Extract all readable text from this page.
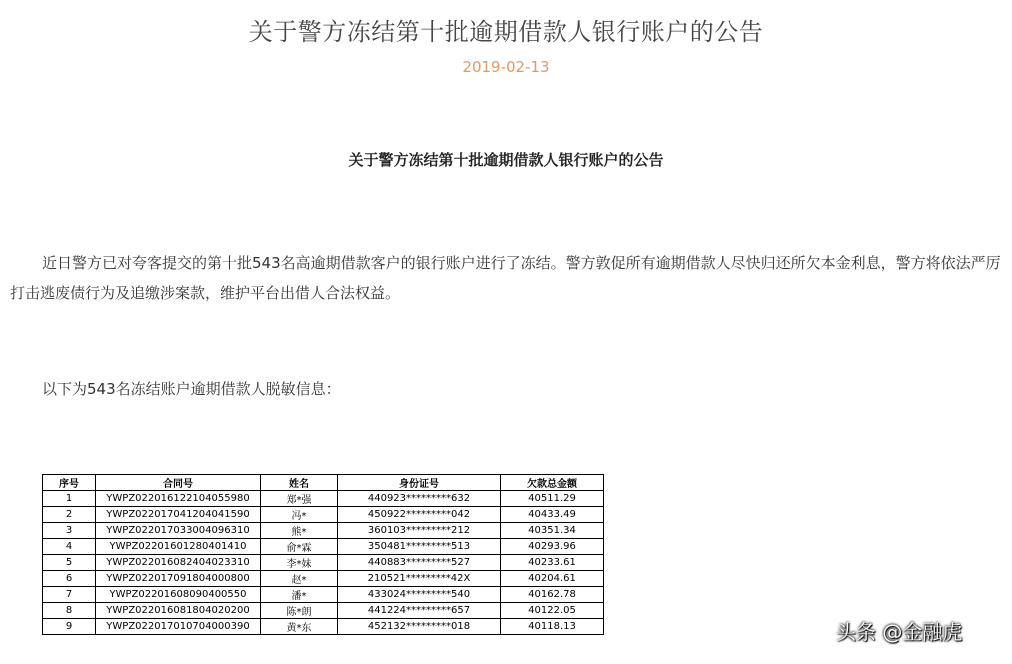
关于警方冻结第十批逾期借款人银行账户的公告
2019-02-13
关于警方冻结第十批逾期借款人银行账户的公告
近日警方已对夸客提交的第十批543名高逾期借款客户的银行账户进行了冻结。警方敦促所有逾期借款人尽快归还所欠本金利息，警方将依法严厉打击逃废债行为及追缴涉案款，维护平台出借人合法权益。
以下为543名冻结账户逾期借款人脱敏信息：
序号	合同号	姓名	身份证号	欠款总金额
1	YWPZ022016122104055980	郑*强	440923*********632	40511.29
2	YWPZ022017041204041590	冯*	450922*********042	40433.49
3	YWPZ022017033004096310	熊*	360103*********212	40351.34
4	YWPZ02201601280401410	俞*霖	350481*********513	40293.96
5	YWPZ022016082404023310	李*妹	440883*********527	40233.61
6	YWPZ022017091804000800	赵*	210521*********42X	40204.61
7	YWPZ02201608090400550	潘*	433024*********540	40162.78
8	YWPZ022016081804020200	陈*朗	441224*********657	40122.05
9	YWPZ022017010704000390	黄*东	452132*********018	40118.13	头条 @金融虎
